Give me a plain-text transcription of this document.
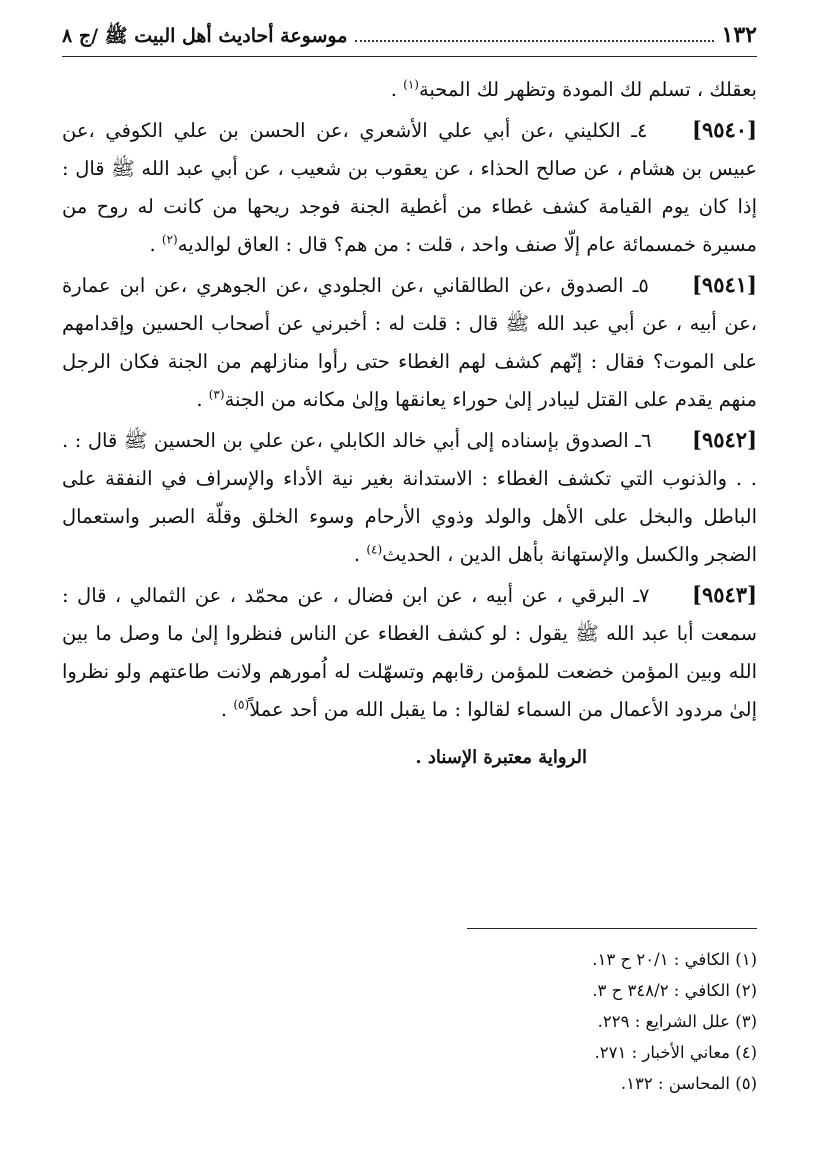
١٣٢
موسوعة أحاديث أهل البيت ﷺ /ج ٨

بعقلك ، تسلم لك المودة وتظهر لك المحبة$^{(١)}$ .

[٩٥٤٠] ٤ـ الكليني ،عن أبي علي الأشعري ،عن الحسن بن علي الكوفي ،عن عبيس بن هشام ، عن صالح الحذاء ، عن يعقوب بن شعيب ، عن أبي عبد الله ﷺ قال : إذا كان يوم القيامة كشف غطاء من أغطية الجنة فوجد ريحها من كانت له روح من مسيرة خمسمائة عام إلّا صنف واحد ، قلت : من هم؟ قال : العاق لوالديه$^{(٢)}$ .

[٩٥٤١] ٥ـ الصدوق ،عن الطالقاني ،عن الجلودي ،عن الجوهري ،عن ابن عمارة ،عن أبيه ، عن أبي عبد الله ﷺ قال : قلت له : أخبرني عن أصحاب الحسين وإقدامهم على الموت؟ فقال : إنّهم كشف لهم الغطاء حتى رأوا منازلهم من الجنة فكان الرجل منهم يقدم على القتل ليبادر إلىٰ حوراء يعانقها وإلىٰ مكانه من الجنة$^{(٣)}$ .

[٩٥٤٢] ٦ـ الصدوق بإسناده إلى أبي خالد الكابلي ،عن علي بن الحسين ﷺ قال : . . . والذنوب التي تكشف الغطاء : الاستدانة بغير نية الأداء والإسراف في النفقة على الباطل والبخل على الأهل والولد وذوي الأرحام وسوء الخلق وقلّة الصبر واستعمال الضجر والكسل والإستهانة بأهل الدين ، الحديث$^{(٤)}$ .

[٩٥٤٣] ٧ـ البرقي ، عن أبيه ، عن ابن فضال ، عن محمّد ، عن الثمالي ، قال : سمعت أبا عبد الله ﷺ يقول : لو كشف الغطاء عن الناس فنظروا إلىٰ ما وصل ما بين الله وبين المؤمن خضعت للمؤمن رقابهم وتسهّلت له اُمورهم ولانت طاعتهم ولو نظروا إلىٰ مردود الأعمال من السماء لقالوا : ما يقبل الله من أحد عملاً$^{(٥)}$ .

الرواية معتبرة الإسناد .

(١) الكافي : ٢٠/١ ح ١٣.
(٢) الكافي : ٣٤٨/٢ ح ٣.
(٣) علل الشرايع : ٢٢٩.
(٤) معاني الأخبار : ٢٧١.
(٥) المحاسن : ١٣٢.
